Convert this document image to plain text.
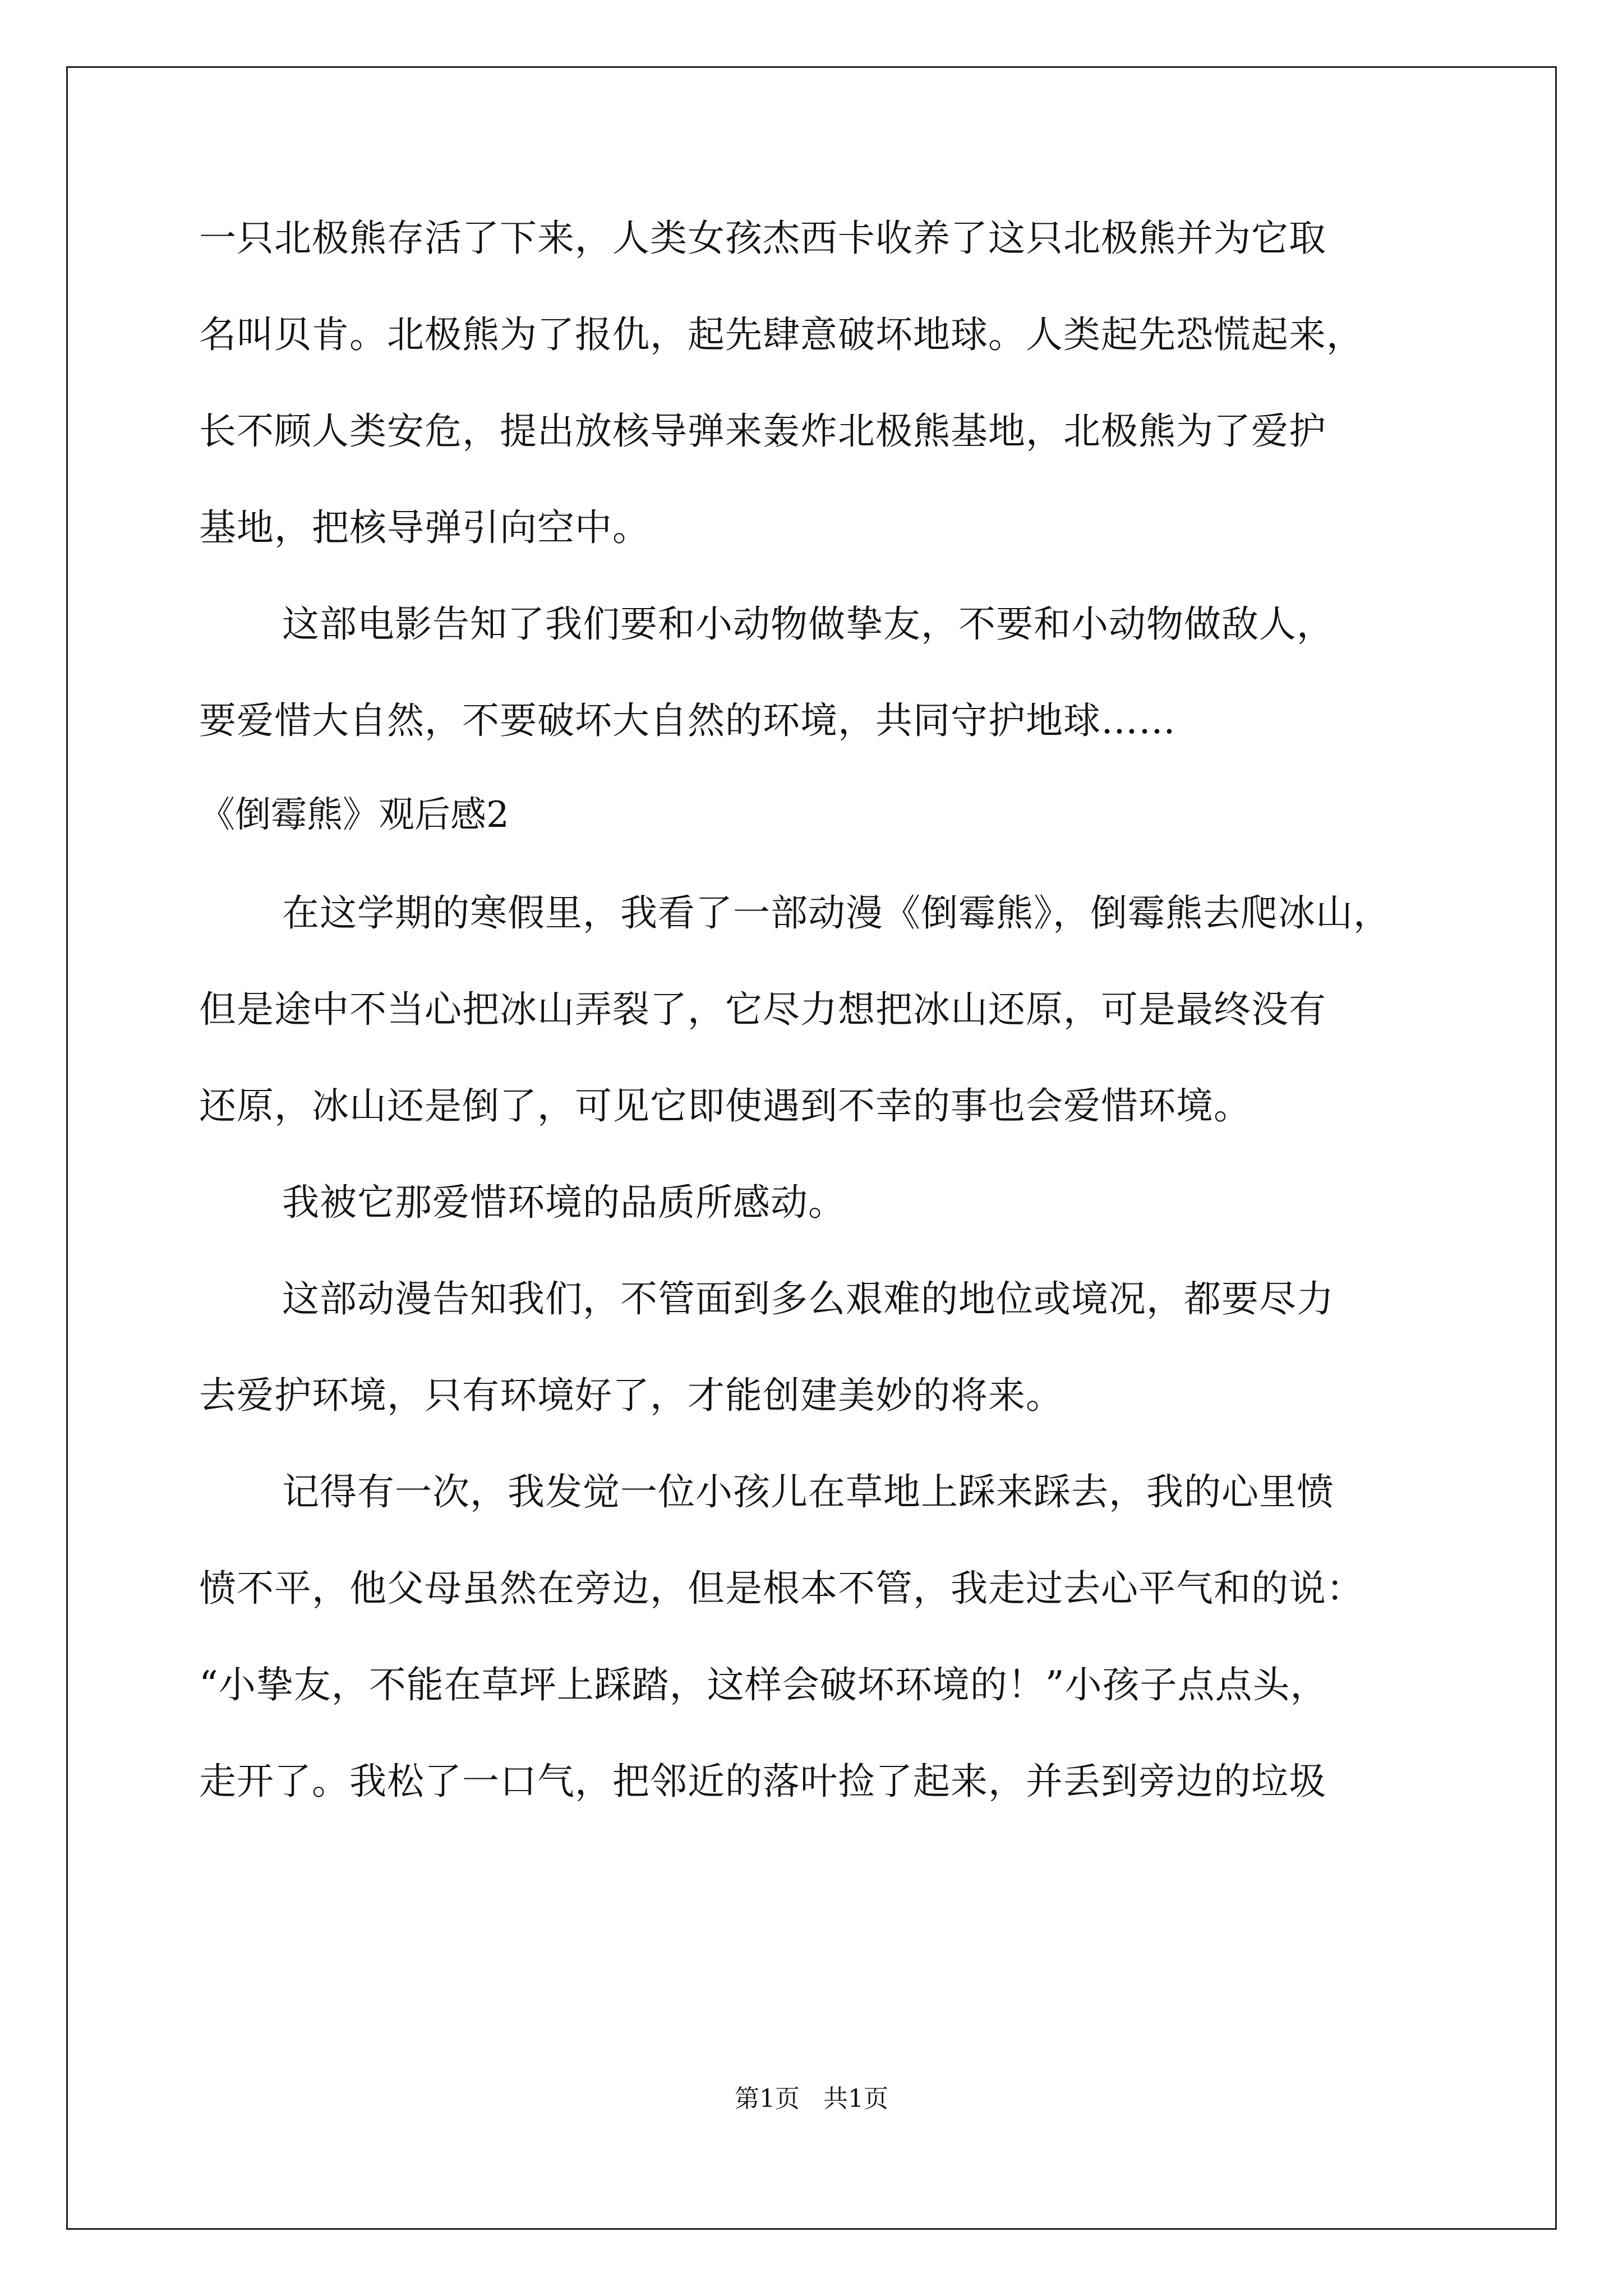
一只北极熊存活了下来，人类女孩杰西卡收养了这只北极熊并为它取
名叫贝肯。北极熊为了报仇，起先肆意破坏地球。人类起先恐慌起来，
长不顾人类安危，提出放核导弹来轰炸北极熊基地，北极熊为了爱护
基地，把核导弹引向空中。
这部电影告知了我们要和小动物做挚友，不要和小动物做敌人，
要爱惜大自然，不要破坏大自然的环境，共同守护地球……
《倒霉熊》观后感2
在这学期的寒假里，我看了一部动漫《倒霉熊》，倒霉熊去爬冰山，
但是途中不当心把冰山弄裂了，它尽力想把冰山还原，可是最终没有
还原，冰山还是倒了，可见它即使遇到不幸的事也会爱惜环境。
我被它那爱惜环境的品质所感动。
这部动漫告知我们，不管面到多么艰难的地位或境况，都要尽力
去爱护环境，只有环境好了，才能创建美妙的将来。
记得有一次，我发觉一位小孩儿在草地上踩来踩去，我的心里愤
愤不平，他父母虽然在旁边，但是根本不管，我走过去心平气和的说：
“小挚友，不能在草坪上踩踏，这样会破坏环境的！”小孩子点点头，
走开了。我松了一口气，把邻近的落叶捡了起来，并丢到旁边的垃圾
第1页 共1页
